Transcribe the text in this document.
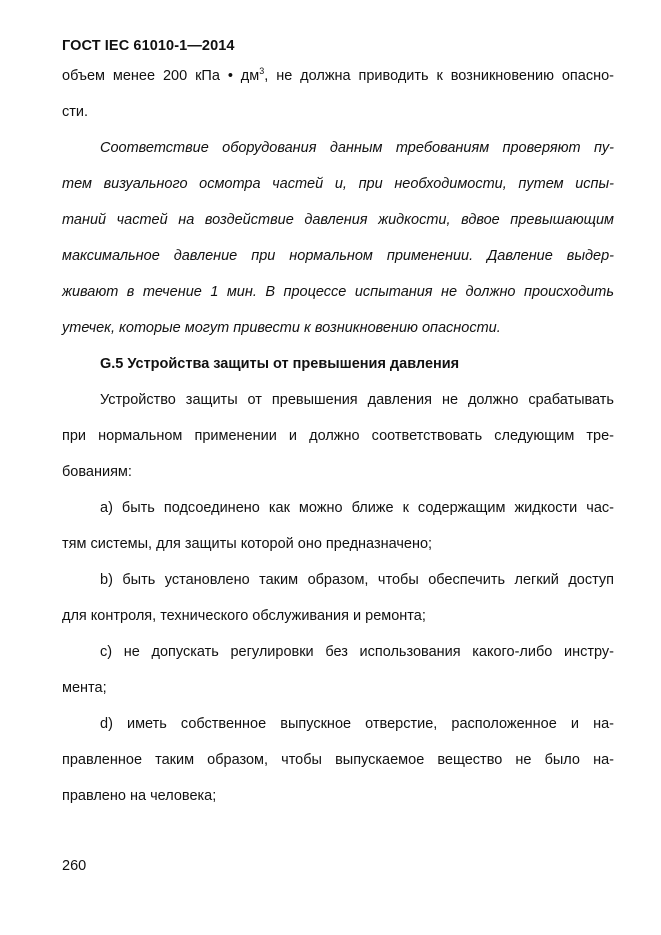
ГОСТ IEC 61010-1—2014
объем менее 200 кПа • $дм^3$, не должна приводить к возникновению опасно-
сти.
Соответствие оборудования данным требованиям проверяют пу-
тем визуального осмотра частей и, при необходимости, путем испы-
таний частей на воздействие давления жидкости, вдвое превышающим
максимальное давление при нормальном применении. Давление выдер-
живают в течение 1 мин. В процессе испытания не должно происходить
утечек, которые могут привести к возникновению опасности.
G.5 Устройства защиты от превышения давления
Устройство защиты от превышения давления не должно срабатывать
при нормальном применении и должно соответствовать следующим тре-
бованиям:
а) быть подсоединено как можно ближе к содержащим жидкости час-
тям системы, для защиты которой оно предназначено;
b) быть установлено таким образом, чтобы обеспечить легкий доступ
для контроля, технического обслуживания и ремонта;
с) не допускать регулировки без использования какого-либо инстру-
мента;
d) иметь собственное выпускное отверстие, расположенное и на-
правленное таким образом, чтобы выпускаемое вещество не было на-
правлено на человека;
260
